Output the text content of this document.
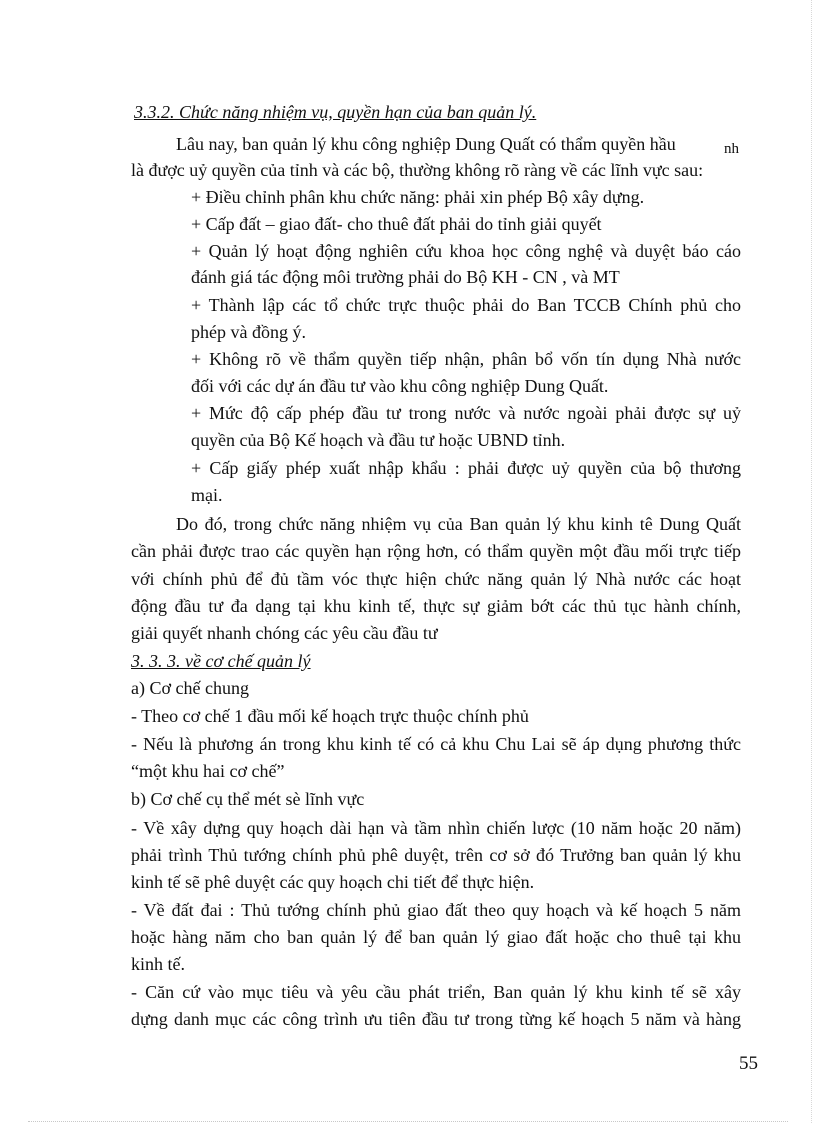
3.3.2. Chức năng nhiệm vụ, quyền hạn của ban quản lý.
Lâu nay, ban quản lý khu công nghiệp Dung Quất có thẩm quyền hầu	nh
là được uỷ quyền của tỉnh và các bộ, thường không rõ ràng về các lĩnh vực sau:
+ Điều chỉnh phân khu chức năng: phải xin phép Bộ xây dựng.
+ Cấp đất – giao đất- cho thuê đất phải do tỉnh giải quyết
+ Quản lý hoạt động nghiên cứu khoa học công nghệ và duyệt báo cáo
đánh giá tác động môi trường phải do Bộ KH - CN , và MT
+ Thành lập các tổ chức trực thuộc phải do Ban TCCB Chính phủ cho
phép và đồng ý.
+ Không rõ về thẩm quyền tiếp nhận, phân bổ vốn tín dụng Nhà nước
đối với các dự án đầu tư vào khu công nghiệp Dung Quất.
+ Mức độ cấp phép đầu tư trong nước và nước ngoài phải được sự uỷ
quyền của Bộ Kế hoạch và đầu tư hoặc UBND tỉnh.
+ Cấp giấy phép xuất nhập khẩu : phải được uỷ quyền của bộ thương
mại.
Do đó, trong chức năng nhiệm vụ của Ban quản lý khu kinh tê Dung Quất
cần phải được trao các quyền hạn rộng hơn, có thẩm quyền một đầu mối trực tiếp
với chính phủ để đủ tầm vóc thực hiện chức năng quản lý Nhà nước các hoạt
động đầu tư đa dạng tại khu kinh tế, thực sự giảm bớt các thủ tục hành chính,
giải quyết nhanh chóng các yêu cầu đầu tư
3. 3. 3. về cơ chế quản lý
a) Cơ chế chung
- Theo cơ chế 1 đầu mối kế hoạch trực thuộc chính phủ
- Nếu là phương án trong khu kinh tế có cả khu Chu Lai sẽ áp dụng phương thức
“một khu hai cơ chế”
b) Cơ chế cụ thể mét sè lĩnh vực
- Về xây dựng quy hoạch dài hạn và tầm nhìn chiến lược (10 năm hoặc 20 năm)
phải trình Thủ tướng chính phủ phê duyệt, trên cơ sở đó Trưởng ban quản lý khu
kinh tế sẽ phê duyệt các quy hoạch chi tiết để thực hiện.
- Về đất đai : Thủ tướng chính phủ giao đất theo quy hoạch và kế hoạch 5 năm
hoặc hàng năm cho ban quản lý để ban quản lý giao đất hoặc cho thuê tại khu
kinh tế.
- Căn cứ vào mục tiêu và yêu cầu phát triển, Ban quản lý khu kinh tế sẽ xây
dựng danh mục các công trình ưu tiên đầu tư trong từng kế hoạch 5 năm và hàng
55
